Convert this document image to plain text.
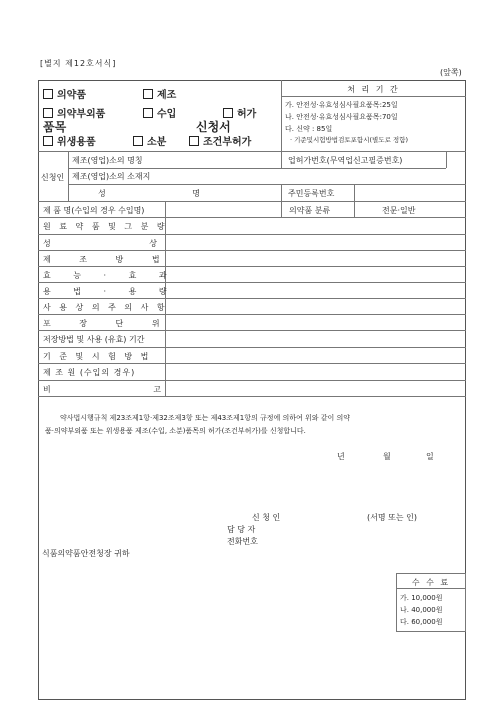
[별지 제12호서식]
(앞쪽)
의약품	제조
의약부외품	수입	허가
품목	신청서
위생용품	소분	조건부허가
처 리 기 간
가. 안전성·유효성심사필요품목:25일
나. 안전성·유효성심사필요품목:70일
다. 신약 : 85일
· 기준및시험방법검토포함시(별도로 정함)
신청인
제조(영업)소의 명칭	업허가번호(무역업신고필증번호)
제조(영업)소의 소재지
성 명	주민등록번호
제 품 명(수입의 경우 수입명)	의약품 분류	전문·일반
원 료 약 품 및 그 분 량
성 상
제 조 방 법
효 능 · 효 과
용 법 · 용 량
사 용 상 의 주 의 사 항
포 장 단 위
저장방법 및 사용 (유효) 기간
기 준 및 시 험 방 법
제 조 원 (수입의 경우)
비 고
약사법시행규칙 제23조제1항·제32조제3항 또는 제43조제1항의 규정에 의하여 위와 같이 의약
품·의약부외품 또는 위생용품 제조(수입, 소분)품목의 허가(조건부허가)를 신청합니다.
년	월	일
신 청 인	(서명 또는 인)
담 당 자
전화번호
식품의약품안전청장 귀하
수 수 료
가. 10,000원
나. 40,000원
다. 60,000원
